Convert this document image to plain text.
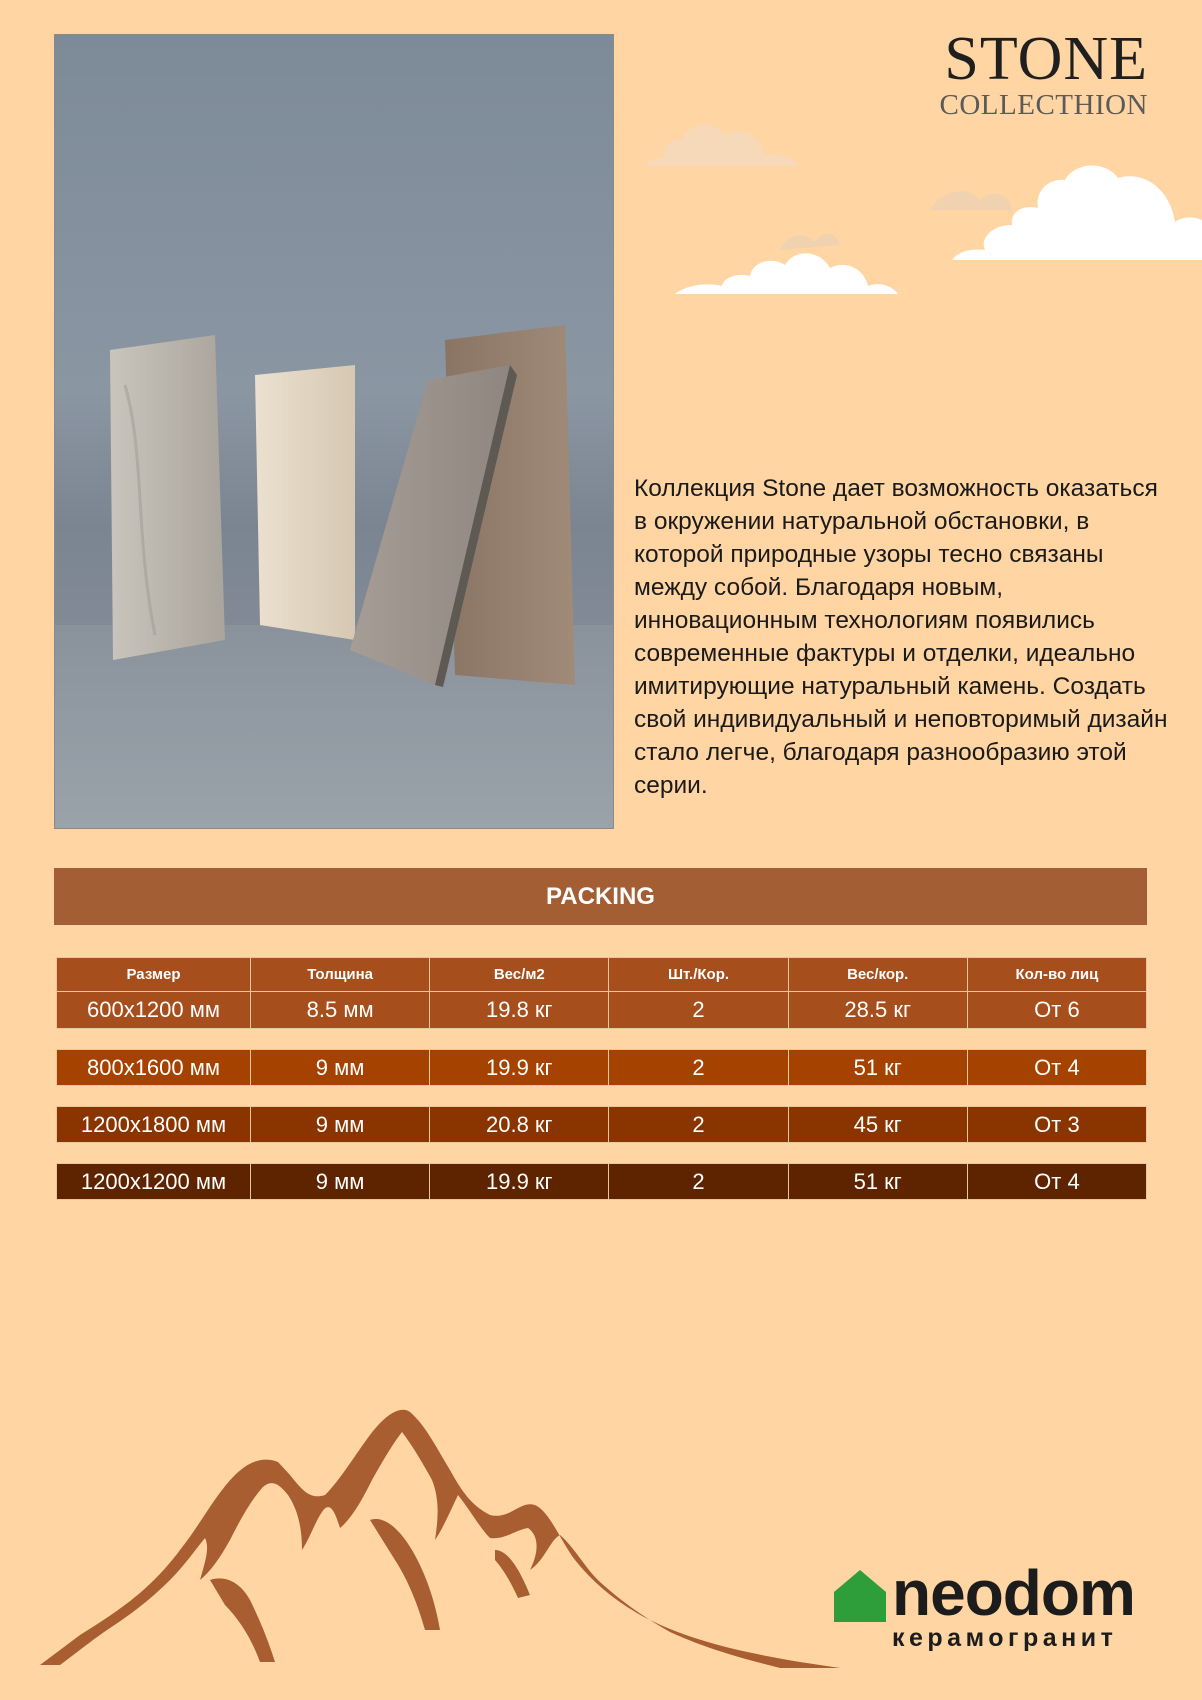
STONE
COLLECTHION
Коллекция Stone дает возможность оказаться в окружении натуральной обстановки, в которой природные узоры тесно связаны между собой. Благодаря новым, инновационным технологиям появились современные фактуры и отделки, идеально имитирующие натуральный камень. Создать свой индивидуальный и неповторимый дизайн стало легче, благодаря разнообразию этой серии.
PACKING
Размер	Толщина	Вес/м2	Шт./Кор.	Вес/кор.	Кол-во лиц
600x1200 мм	8.5 мм	19.8 кг	2	28.5 кг	От 6
800x1600 мм	9 мм	19.9 кг	2	51 кг	От 4
1200x1800 мм	9 мм	20.8 кг	2	45 кг	От 3
1200x1200 мм	9 мм	19.9 кг	2	51 кг	От 4
neodom
керамогранит
